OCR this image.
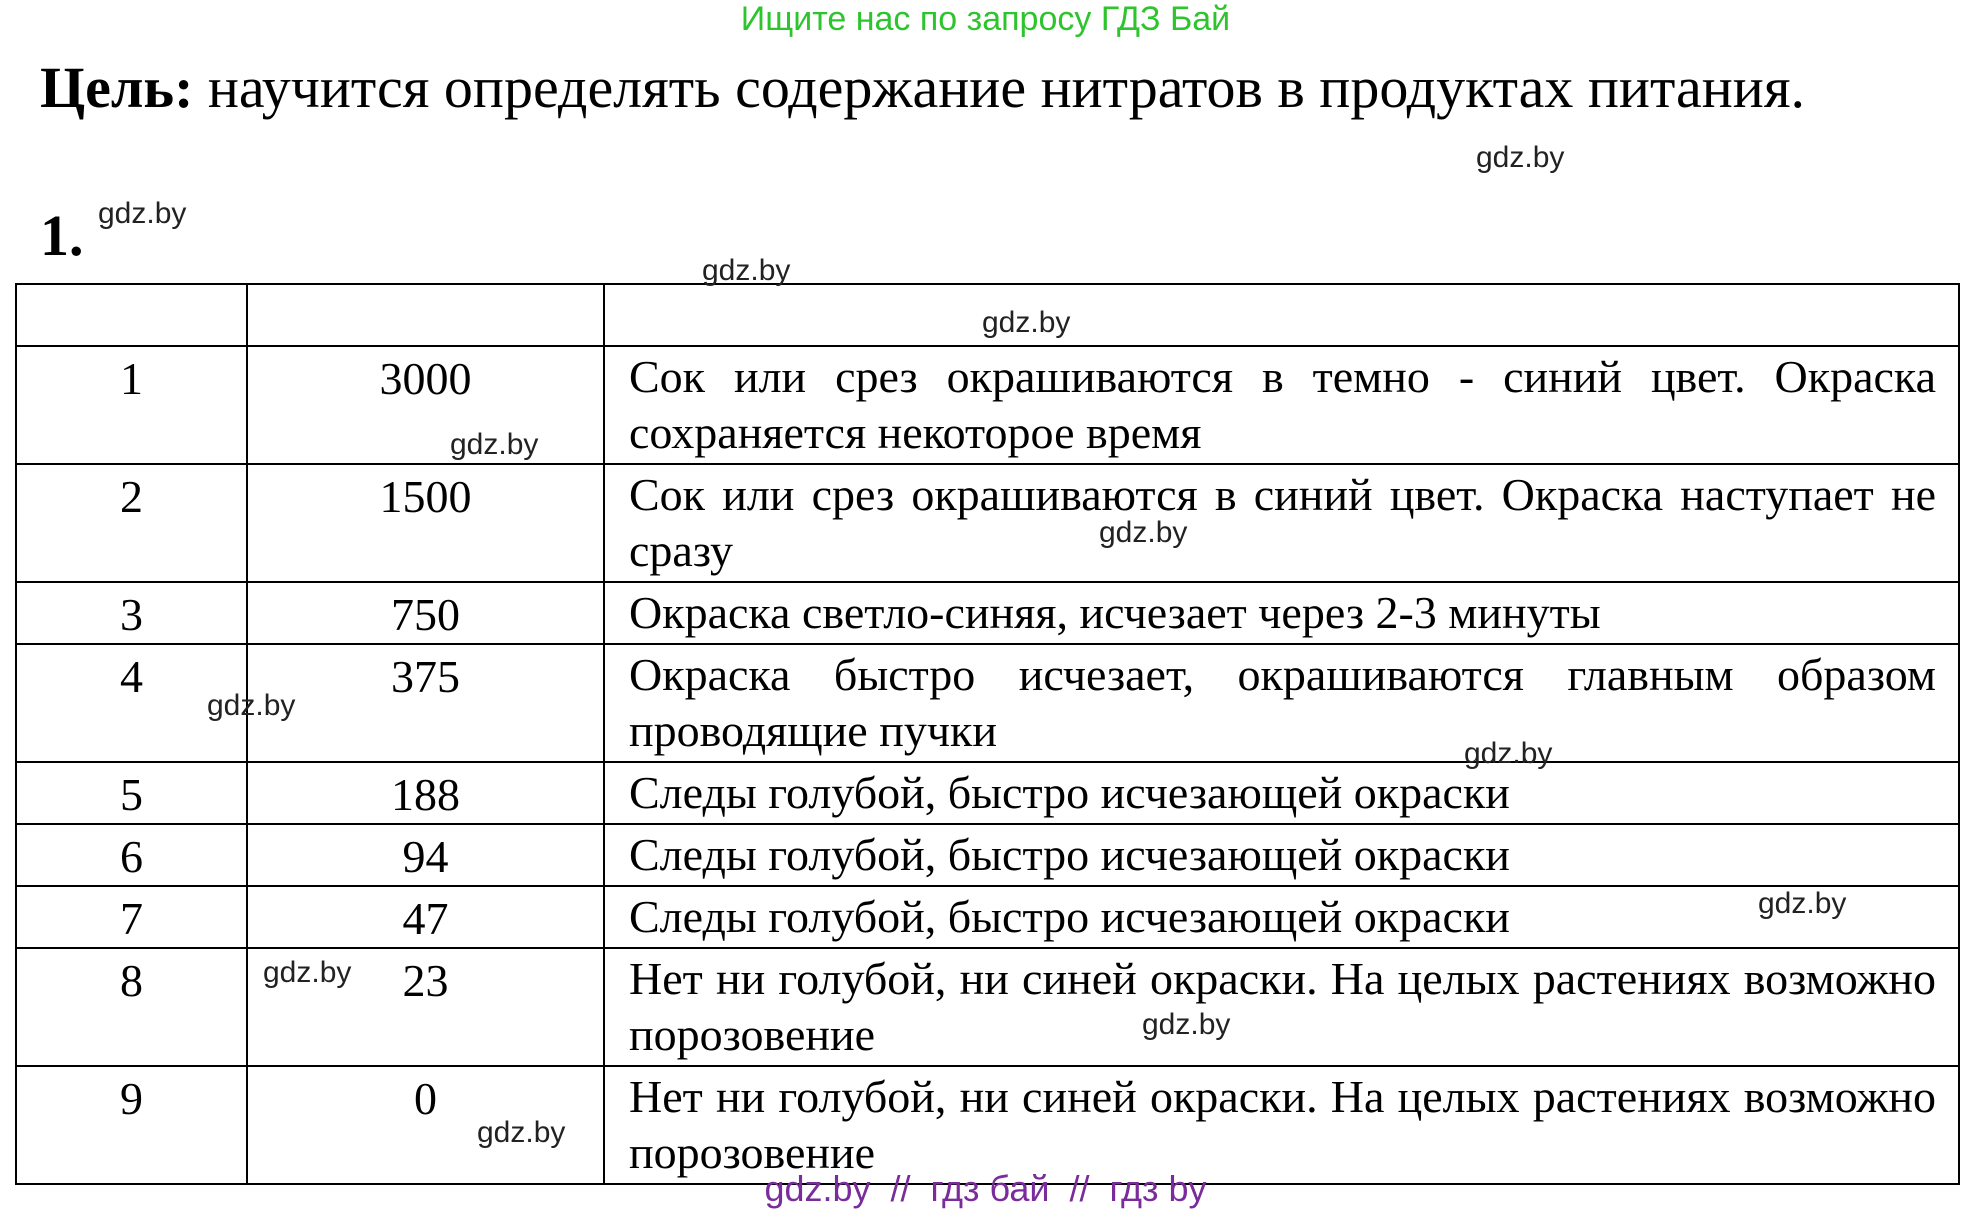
Ищите нас по запросу ГДЗ Бай
Цель: научится определять содержание нитратов в продуктах питания.
1.
gdz.by
gdz.by
gdz.by
gdz.by
gdz.by
gdz.by
gdz.by
gdz.by
gdz.by
gdz.by
gdz.by
gdz.by

1	3000	Сок или срез окрашиваются в темно - синий цвет. Окраска сохраняется некоторое время
2	1500	Сок или срез окрашиваются в синий цвет. Окраска наступает не сразу
3	750	Окраска светло-синяя, исчезает через 2-3 минуты
4	375	Окраска быстро исчезает, окрашиваются главным образом проводящие пучки
5	188	Следы голубой, быстро исчезающей окраски
6	94	Следы голубой, быстро исчезающей окраски
7	47	Следы голубой, быстро исчезающей окраски
8	23	Нет ни голубой, ни синей окраски. На целых растениях возможно порозовение
9	0	Нет ни голубой, ни синей окраски. На целых растениях возможно порозовение
gdz.by  //  гдз бай  //  гдз by
